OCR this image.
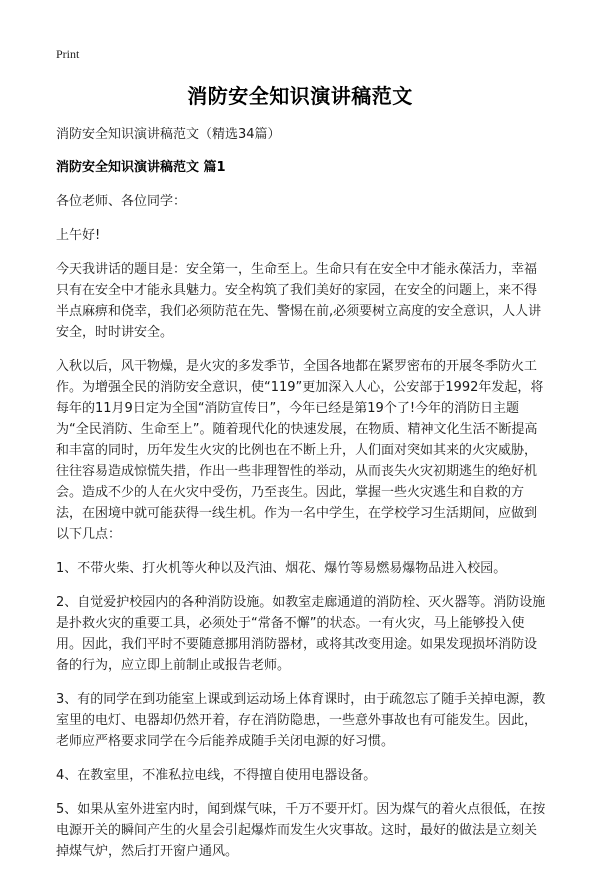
Print
消防安全知识演讲稿范文

消防安全知识演讲稿范文（精选34篇）

消防安全知识演讲稿范文 篇1

各位老师、各位同学：

上午好!

今天我讲话的题目是：安全第一，生命至上。生命只有在安全中才能永葆活力，幸福只有在安全中才能永具魅力。安全构筑了我们美好的家园，在安全的问题上，来不得半点麻痹和侥幸，我们必须防范在先、警惕在前,必须要树立高度的安全意识，人人讲安全，时时讲安全。

入秋以后，风干物燥，是火灾的多发季节，全国各地都在紧罗密布的开展冬季防火工作。为增强全民的消防安全意识，使“119”更加深入人心，公安部于1992年发起，将每年的11月9日定为全国“消防宣传日”，今年已经是第19个了!今年的消防日主题为“全民消防、生命至上”。随着现代化的快速发展，在物质、精神文化生活不断提高和丰富的同时，历年发生火灾的比例也在不断上升，人们面对突如其来的火灾威胁，往往容易造成惊慌失措，作出一些非理智性的举动，从而丧失火灾初期逃生的绝好机会。造成不少的人在火灾中受伤，乃至丧生。因此，掌握一些火灾逃生和自救的方法，在困境中就可能获得一线生机。作为一名中学生，在学校学习生活期间，应做到以下几点：

1、不带火柴、打火机等火种以及汽油、烟花、爆竹等易燃易爆物品进入校园。

2、自觉爱护校园内的各种消防设施。如教室走廊通道的消防栓、灭火器等。消防设施是扑救火灾的重要工具，必须处于“常备不懈”的状态。一有火灾，马上能够投入使用。因此，我们平时不要随意挪用消防器材，或将其改变用途。如果发现损坏消防设备的行为，应立即上前制止或报告老师。

3、有的同学在到功能室上课或到运动场上体育课时，由于疏忽忘了随手关掉电源，教室里的电灯、电器却仍然开着，存在消防隐患，一些意外事故也有可能发生。因此，老师应严格要求同学在今后能养成随手关闭电源的好习惯。

4、在教室里，不准私拉电线，不得擅自使用电器设备。

5、如果从室外进室内时，闻到煤气味，千万不要开灯。因为煤气的着火点很低，在按电源开关的瞬间产生的火星会引起爆炸而发生火灾事故。这时，最好的做法是立刻关掉煤气炉，然后打开窗户通风。
